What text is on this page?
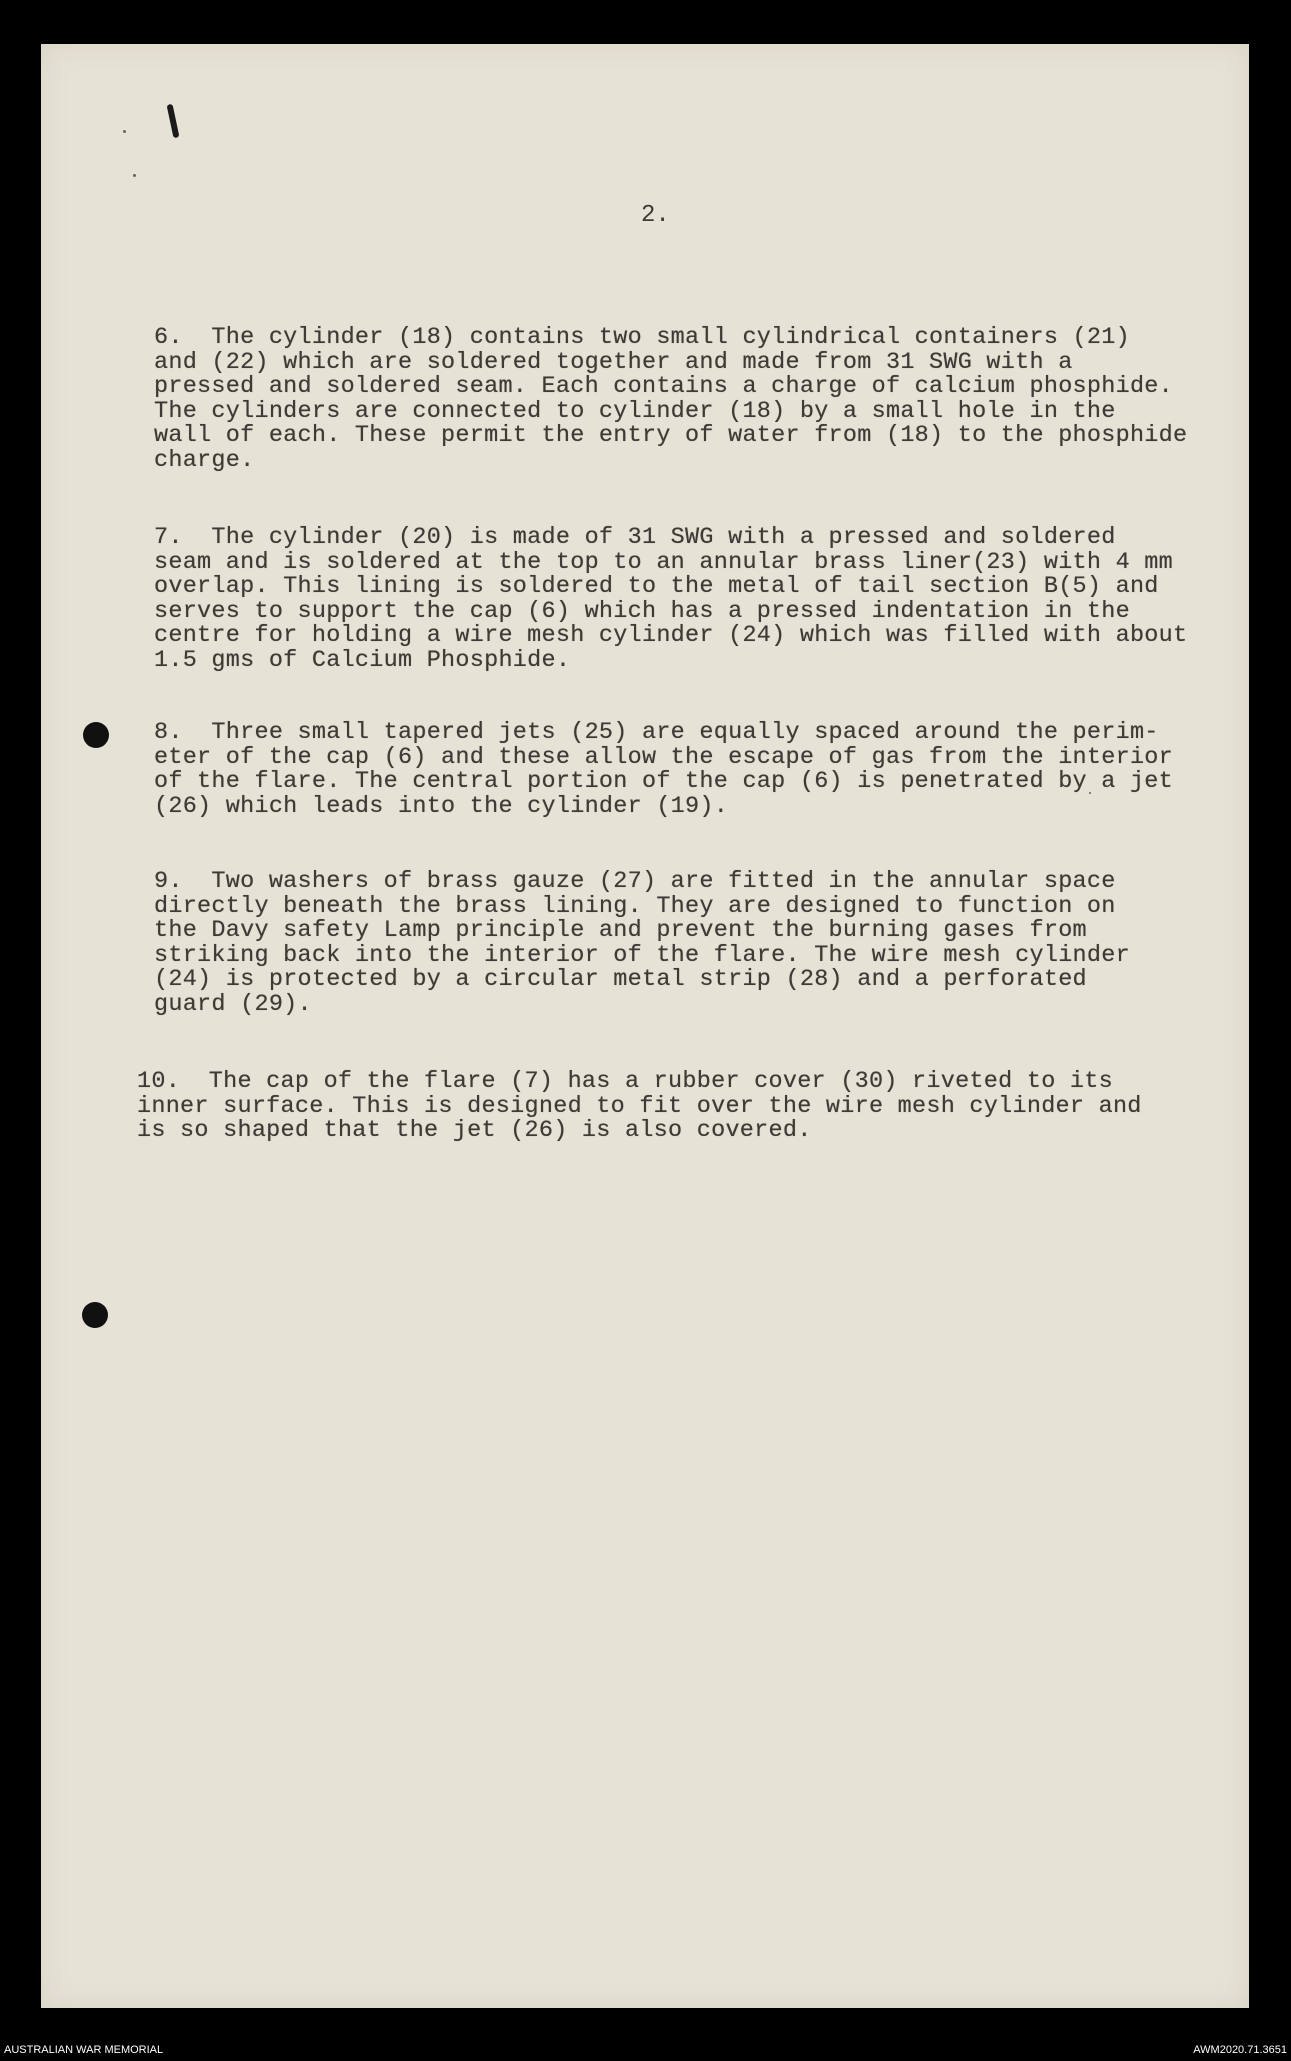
2.

6.  The cylinder (18) contains two small cylindrical containers (21)
and (22) which are soldered together and made from 31 SWG with a
pressed and soldered seam. Each contains a charge of calcium phosphide.
The cylinders are connected to cylinder (18) by a small hole in the
wall of each. These permit the entry of water from (18) to the phosphide
charge.

7.  The cylinder (20) is made of 31 SWG with a pressed and soldered
seam and is soldered at the top to an annular brass liner(23) with 4 mm
overlap. This lining is soldered to the metal of tail section B(5) and
serves to support the cap (6) which has a pressed indentation in the
centre for holding a wire mesh cylinder (24) which was filled with about
1.5 gms of Calcium Phosphide.

8.  Three small tapered jets (25) are equally spaced around the perim-
eter of the cap (6) and these allow the escape of gas from the interior
of the flare. The central portion of the cap (6) is penetrated by a jet
(26) which leads into the cylinder (19).

9.  Two washers of brass gauze (27) are fitted in the annular space
directly beneath the brass lining. They are designed to function on
the Davy safety Lamp principle and prevent the burning gases from
striking back into the interior of the flare. The wire mesh cylinder
(24) is protected by a circular metal strip (28) and a perforated
guard (29).

10.  The cap of the flare (7) has a rubber cover (30) riveted to its
inner surface. This is designed to fit over the wire mesh cylinder and
is so shaped that the jet (26) is also covered.

AUSTRALIAN WAR MEMORIAL	AWM2020.71.3651
